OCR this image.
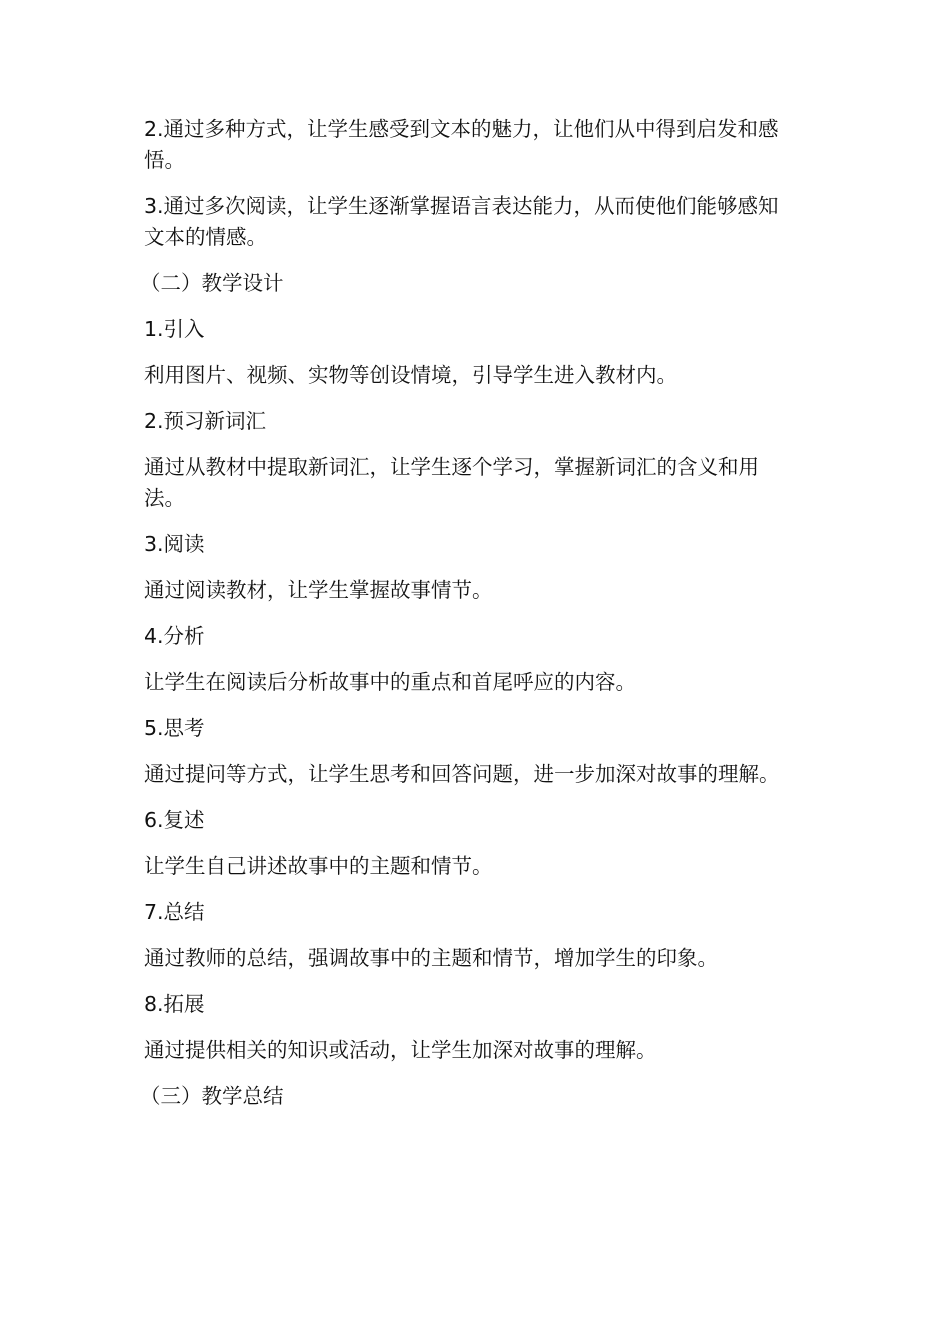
2.通过多种方式，让学生感受到文本的魅力，让他们从中得到启发和感悟。

3.通过多次阅读，让学生逐渐掌握语言表达能力，从而使他们能够感知文本的情感。

（二）教学设计

1.引入

利用图片、视频、实物等创设情境，引导学生进入教材内。

2.预习新词汇

通过从教材中提取新词汇，让学生逐个学习，掌握新词汇的含义和用法。

3.阅读

通过阅读教材，让学生掌握故事情节。

4.分析

让学生在阅读后分析故事中的重点和首尾呼应的内容。

5.思考

通过提问等方式，让学生思考和回答问题，进一步加深对故事的理解。

6.复述

让学生自己讲述故事中的主题和情节。

7.总结

通过教师的总结，强调故事中的主题和情节，增加学生的印象。

8.拓展

通过提供相关的知识或活动，让学生加深对故事的理解。

（三）教学总结
